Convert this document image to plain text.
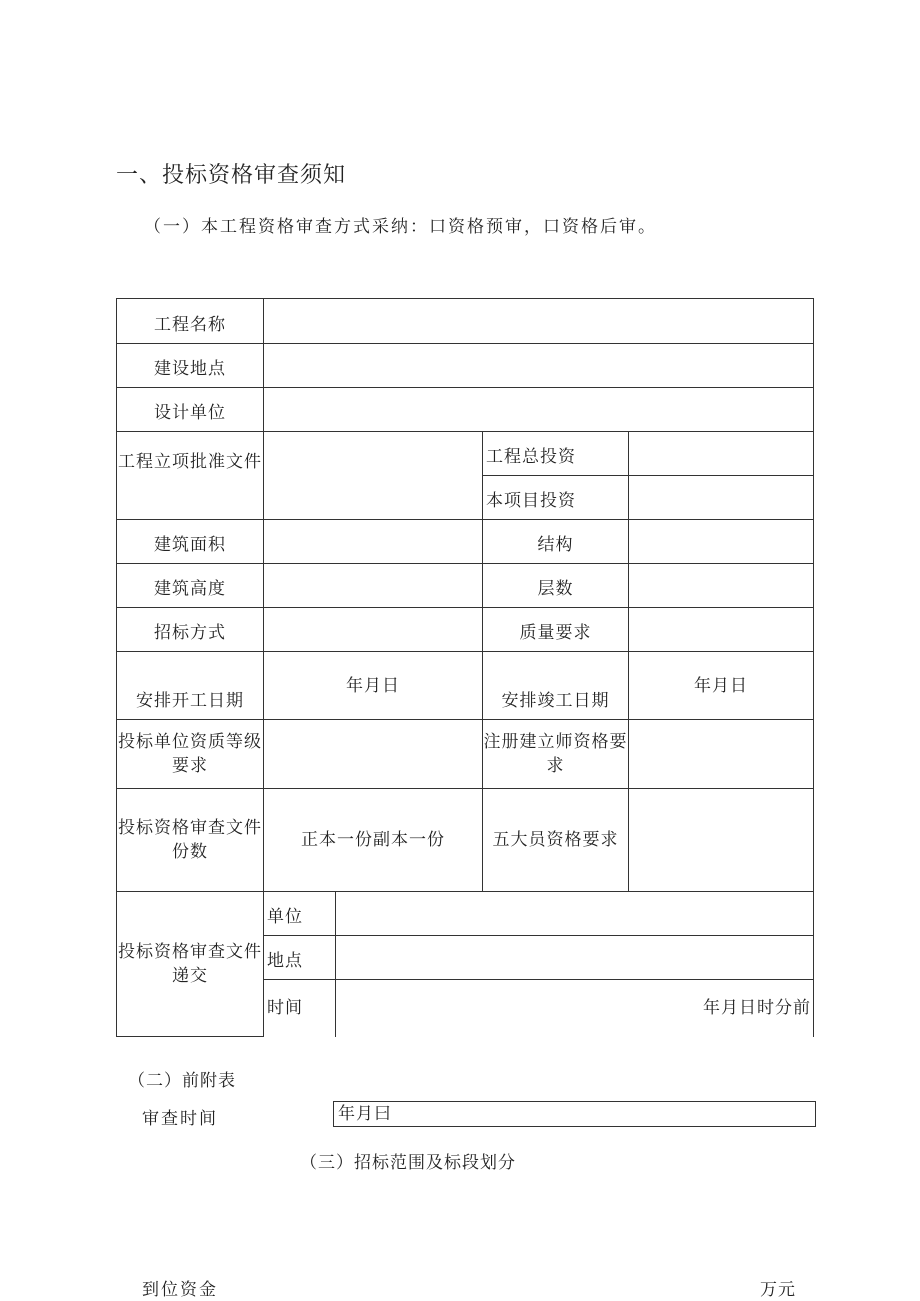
一、投标资格审查须知
（一）本工程资格审查方式采纳：口资格预审，口资格后审。
工程名称				
建设地点				
设计单位				
工程立项批准文件			工程总投资	
			本项目投资	
建筑面积			结构	
建筑高度			层数	
招标方式			质量要求	
安排开工日期	年月日		安排竣工日期	年月日
投标单位资质等级要求			注册建立师资格要求	
投标资格审查文件份数	正本一份副本一份		五大员资格要求	
投标资格审查文件递交	单位			
	地点			
	时间	年月日时分前		
（二）前附表
审查时间	年月曰
（三）招标范围及标段划分
到位资金	万元
